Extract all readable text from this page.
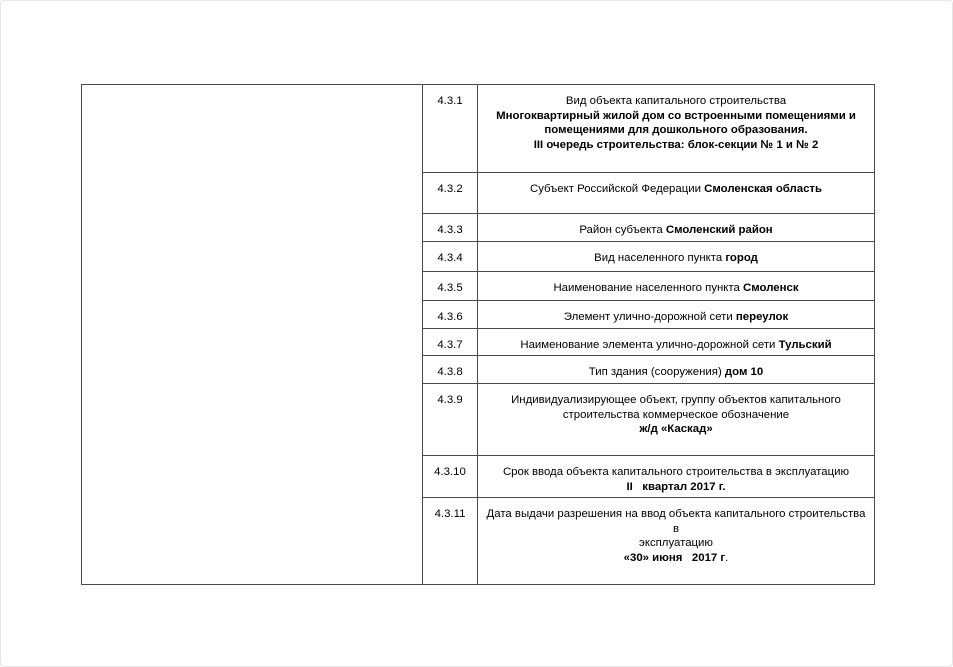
	4.3.1	Вид объекта капитального строительства
Многоквартирный жилой дом со встроенными помещениями и
помещениями для дошкольного образования.
III очередь строительства: блок-секции № 1 и № 2

	4.3.2	Субъект Российской Федерации Смоленская область
	4.3.3	Район субъекта Смоленский район
	4.3.4	Вид населенного пункта город
	4.3.5	Наименование населенного пункта Смоленск
	4.3.6	Элемент улично-дорожной сети переулок
	4.3.7	Наименование элемента улично-дорожной сети Тульский
	4.3.8	Тип здания (сооружения) дом 10
	4.3.9	Индивидуализирующее объект, группу объектов капитального
строительства коммерческое обозначение
ж/д «Каскад»

	4.3.10	Срок ввода объекта капитального строительства в эксплуатацию
II   квартал 2017 г.

	4.3.11	Дата выдачи разрешения на ввод объекта капитального строительства в
эксплуатацию
«30» июня   2017 г.
